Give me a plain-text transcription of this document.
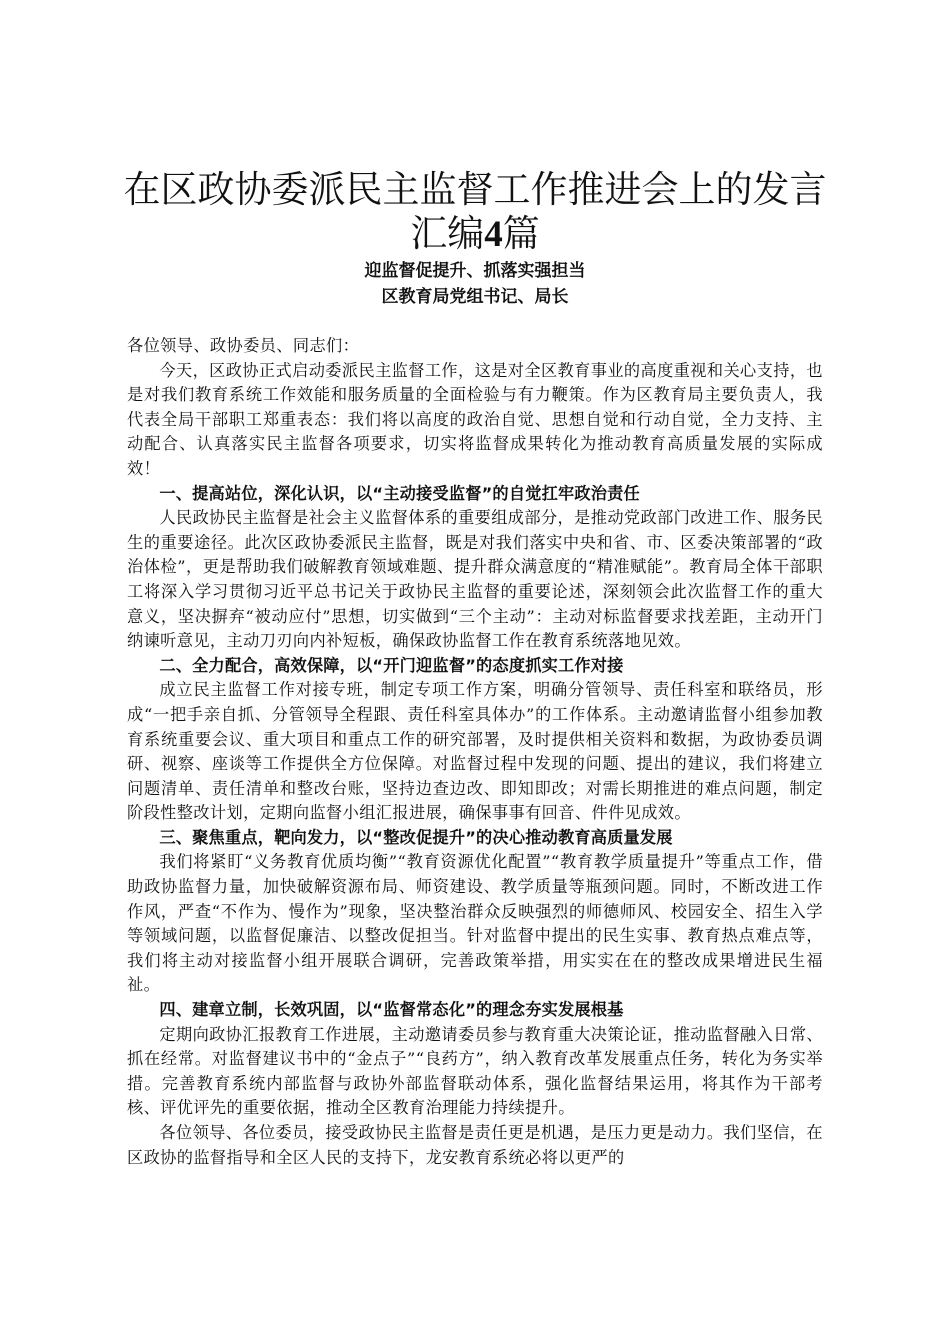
在区政协委派民主监督工作推进会上的发言汇编4篇
迎监督促提升、抓落实强担当
区教育局党组书记、局长

各位领导、政协委员、同志们：

今天，区政协正式启动委派民主监督工作，这是对全区教育事业的高度重视和关心支持，也是对我们教育系统工作效能和服务质量的全面检验与有力鞭策。作为区教育局主要负责人，我代表全局干部职工郑重表态：我们将以高度的政治自觉、思想自觉和行动自觉，全力支持、主动配合、认真落实民主监督各项要求，切实将监督成果转化为推动教育高质量发展的实际成效！

一、提高站位，深化认识，以“主动接受监督”的自觉扛牢政治责任

人民政协民主监督是社会主义监督体系的重要组成部分，是推动党政部门改进工作、服务民生的重要途径。此次区政协委派民主监督，既是对我们落实中央和省、市、区委决策部署的“政治体检”，更是帮助我们破解教育领域难题、提升群众满意度的“精准赋能”。教育局全体干部职工将深入学习贯彻习近平总书记关于政协民主监督的重要论述，深刻领会此次监督工作的重大意义，坚决摒弃“被动应付”思想，切实做到“三个主动”：主动对标监督要求找差距，主动开门纳谏听意见，主动刀刃向内补短板，确保政协监督工作在教育系统落地见效。

二、全力配合，高效保障，以“开门迎监督”的态度抓实工作对接

成立民主监督工作对接专班，制定专项工作方案，明确分管领导、责任科室和联络员，形成“一把手亲自抓、分管领导全程跟、责任科室具体办”的工作体系。主动邀请监督小组参加教育系统重要会议、重大项目和重点工作的研究部署，及时提供相关资料和数据，为政协委员调研、视察、座谈等工作提供全方位保障。对监督过程中发现的问题、提出的建议，我们将建立问题清单、责任清单和整改台账，坚持边查边改、即知即改；对需长期推进的难点问题，制定阶段性整改计划，定期向监督小组汇报进展，确保事事有回音、件件见成效。

三、聚焦重点，靶向发力，以“整改促提升”的决心推动教育高质量发展

我们将紧盯“义务教育优质均衡”“教育资源优化配置”“教育教学质量提升”等重点工作，借助政协监督力量，加快破解资源布局、师资建设、教学质量等瓶颈问题。同时，不断改进工作作风，严查“不作为、慢作为”现象，坚决整治群众反映强烈的师德师风、校园安全、招生入学等领域问题，以监督促廉洁、以整改促担当。针对监督中提出的民生实事、教育热点难点等，我们将主动对接监督小组开展联合调研，完善政策举措，用实实在在的整改成果增进民生福祉。

四、建章立制，长效巩固，以“监督常态化”的理念夯实发展根基

定期向政协汇报教育工作进展，主动邀请委员参与教育重大决策论证，推动监督融入日常、抓在经常。对监督建议书中的“金点子”“良药方”，纳入教育改革发展重点任务，转化为务实举措。完善教育系统内部监督与政协外部监督联动体系，强化监督结果运用，将其作为干部考核、评优评先的重要依据，推动全区教育治理能力持续提升。

各位领导、各位委员，接受政协民主监督是责任更是机遇，是压力更是动力。我们坚信，在区政协的监督指导和全区人民的支持下，龙安教育系统必将以更严的
